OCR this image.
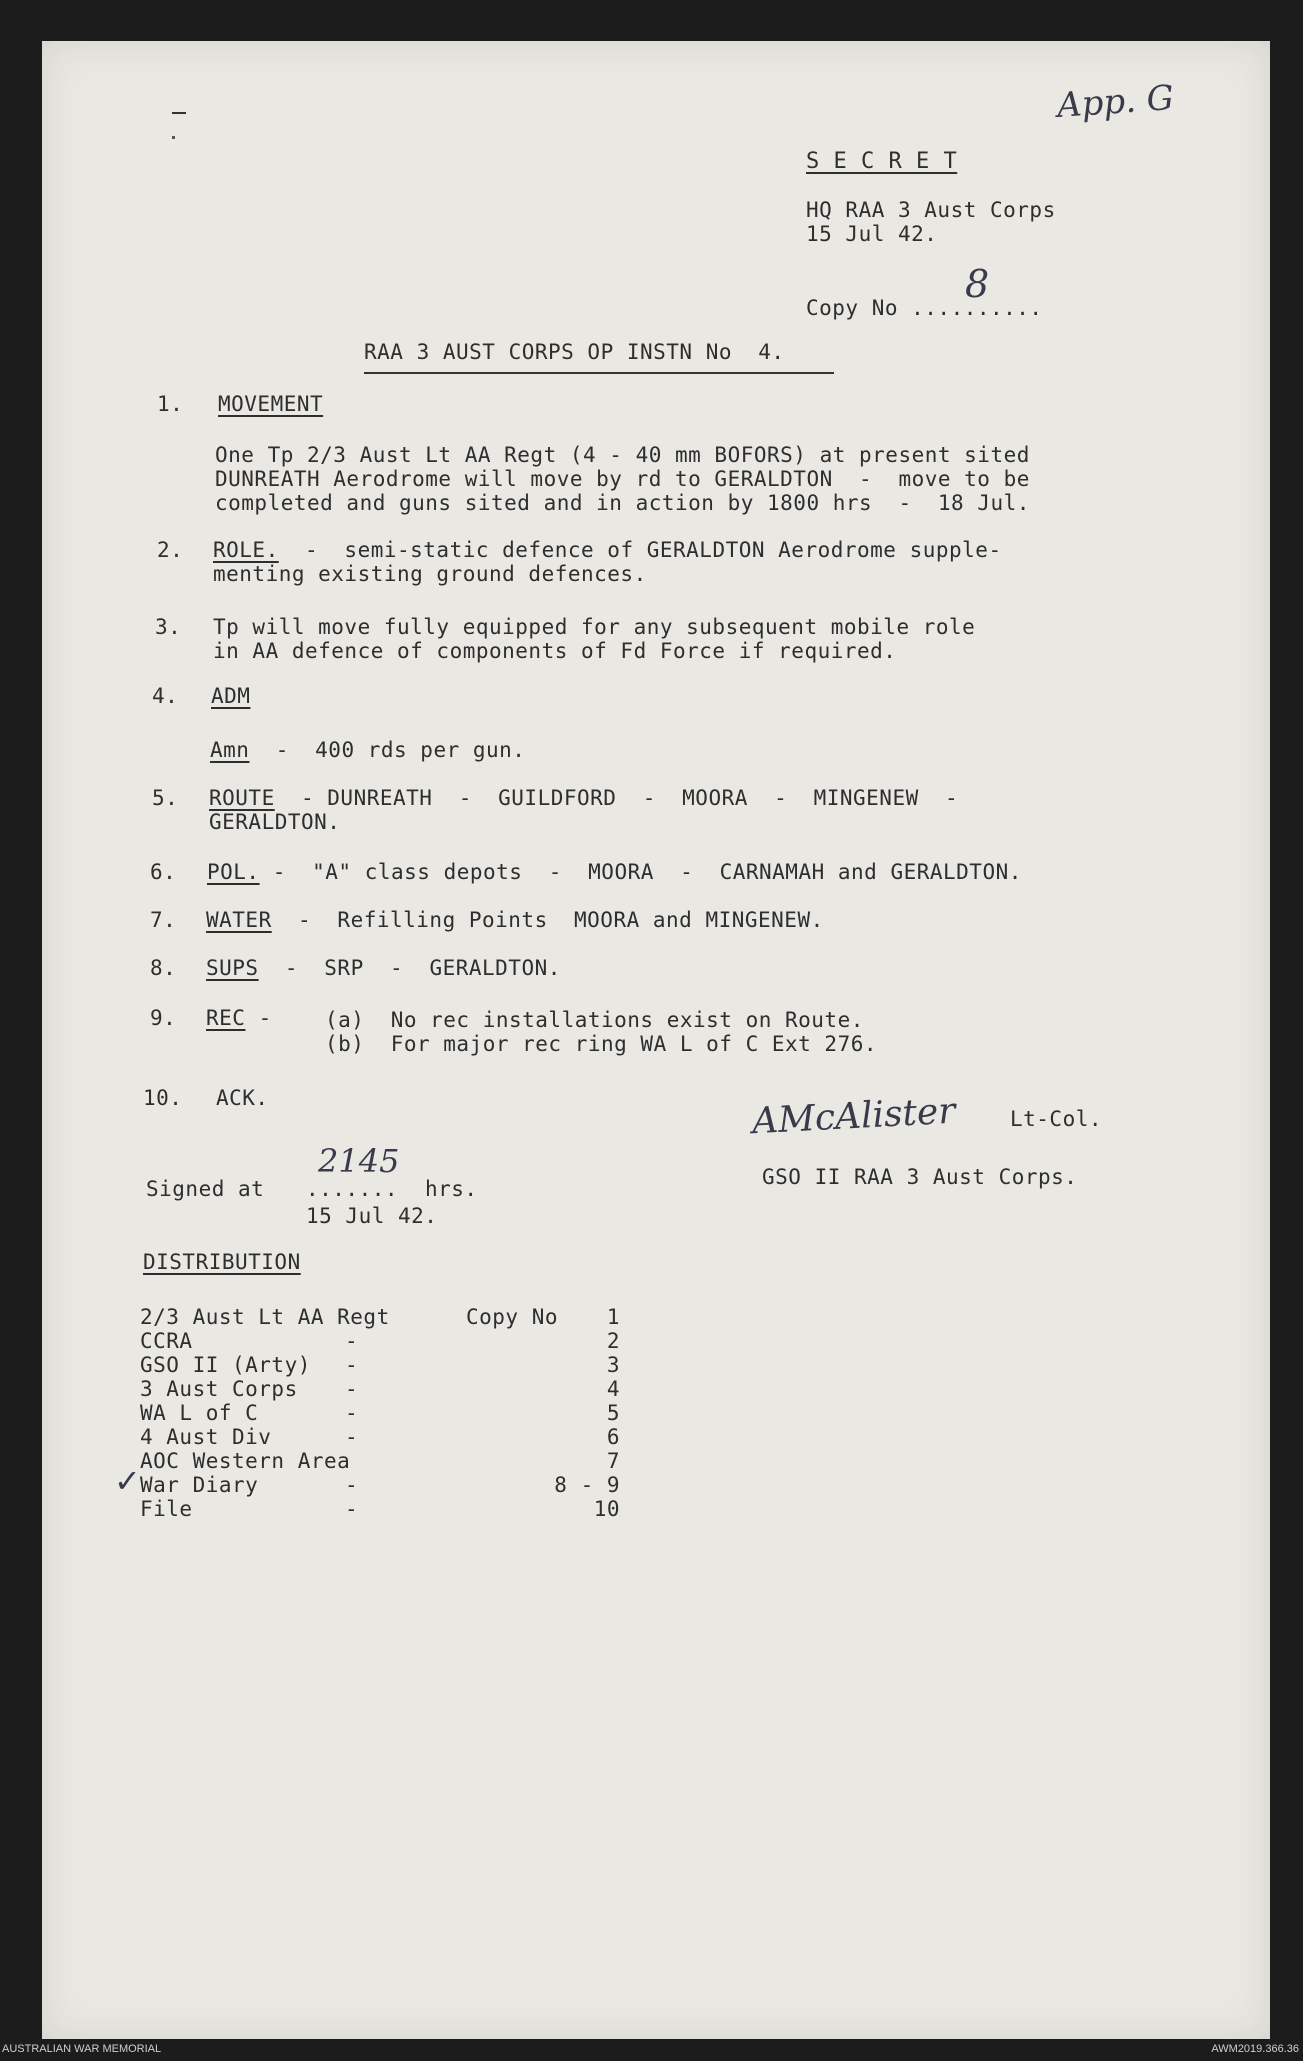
App. G
S E C R E T
HQ RAA 3 Aust Corps
15 Jul 42.
Copy No ..........
8
RAA 3 AUST CORPS OP INSTN No  4.
1. MOVEMENT
One Tp 2/3 Aust Lt AA Regt (4 - 40 mm BOFORS) at present sited
DUNREATH Aerodrome will move by rd to GERALDTON  -  move to be
completed and guns sited and in action by 1800 hrs  -  18 Jul.
2. ROLE.  -  semi-static defence of GERALDTON Aerodrome supple-
menting existing ground defences.
3. Tp will move fully equipped for any subsequent mobile role
in AA defence of components of Fd Force if required.
4. ADM
Amn  -  400 rds per gun.
5. ROUTE  - DUNREATH  -  GUILDFORD  -  MOORA  -  MINGENEW  -
GERALDTON.
6. POL. -  "A" class depots  -  MOORA  -  CARNAMAH and GERALDTON.
7. WATER  -  Refilling Points  MOORA and MINGENEW.
8. SUPS  -  SRP  -  GERALDTON.
9. REC -	(a)  No rec installations exist on Route.
(b)  For major rec ring WA L of C Ext 276.
10. ACK.	AMcAlister	Lt-Col.
GSO II RAA 3 Aust Corps.
Signed at .......
2145
hrs.
15 Jul 42.
DISTRIBUTION
Copy No
✓
2/3 Aust Lt AA Regt	1
CCRA	-	2
GSO II (Arty) -	3
3 Aust Corps -	4
WA L of C	-	5
4 Aust Div	-	6
AOC Western Area	7
War Diary	-	8 - 9
File	-	10
AUSTRALIAN WAR MEMORIAL	AWM2019.366.36
